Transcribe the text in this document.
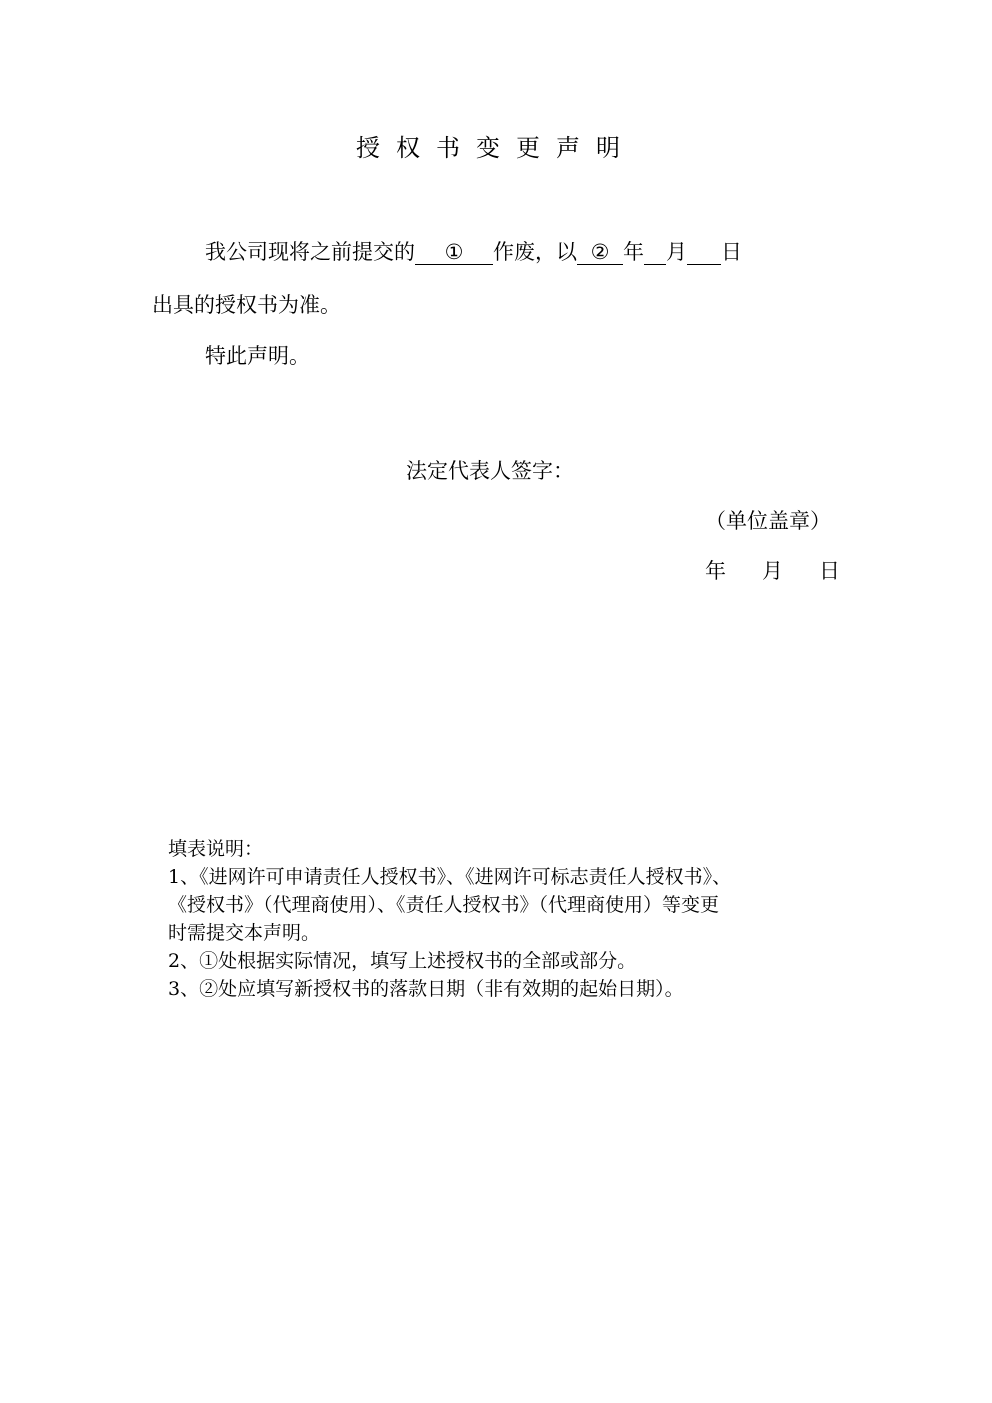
授权书变更声明
我公司现将之前提交的 ① 作废，以 ② 年 月 日
出具的授权书为准。
特此声明。
法定代表人签字：
（单位盖章）
年 月 日
填表说明：
1、《进网许可申请责任人授权书》、《进网许可标志责任人授权书》、
《授权书》（代理商使用）、《责任人授权书》（代理商使用）等变更
时需提交本声明。
2、①处根据实际情况，填写上述授权书的全部或部分。
3、②处应填写新授权书的落款日期（非有效期的起始日期）。
